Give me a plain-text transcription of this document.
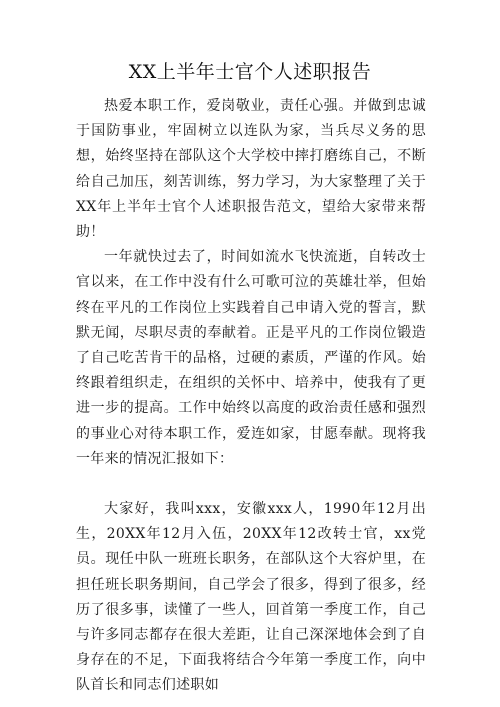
XX上半年士官个人述职报告

热爱本职工作，爱岗敬业，责任心强。并做到忠诚于国防事业，牢固树立以连队为家，当兵尽义务的思想，始终坚持在部队这个大学校中摔打磨练自己，不断给自己加压，刻苦训练，努力学习，为大家整理了关于XX年上半年士官个人述职报告范文，望给大家带来帮助！

一年就快过去了，时间如流水飞快流逝，自转改士官以来，在工作中没有什么可歌可泣的英雄壮举，但始终在平凡的工作岗位上实践着自己申请入党的誓言，默默无闻，尽职尽责的奉献着。正是平凡的工作岗位锻造了自己吃苦肯干的品格，过硬的素质，严谨的作风。始终跟着组织走，在组织的关怀中、培养中，使我有了更进一步的提高。工作中始终以高度的政治责任感和强烈的事业心对待本职工作，爱连如家，甘愿奉献。现将我一年来的情况汇报如下：

大家好，我叫xxx，安徽xxx人，1990年12月出生，20XX年12月入伍，20XX年12改转士官，xx党员。现任中队一班班长职务，在部队这个大容炉里，在担任班长职务期间，自己学会了很多，得到了很多，经历了很多事，读懂了一些人，回首第一季度工作，自己与许多同志都存在很大差距，让自己深深地体会到了自身存在的不足，下面我将结合今年第一季度工作，向中队首长和同志们述职如
